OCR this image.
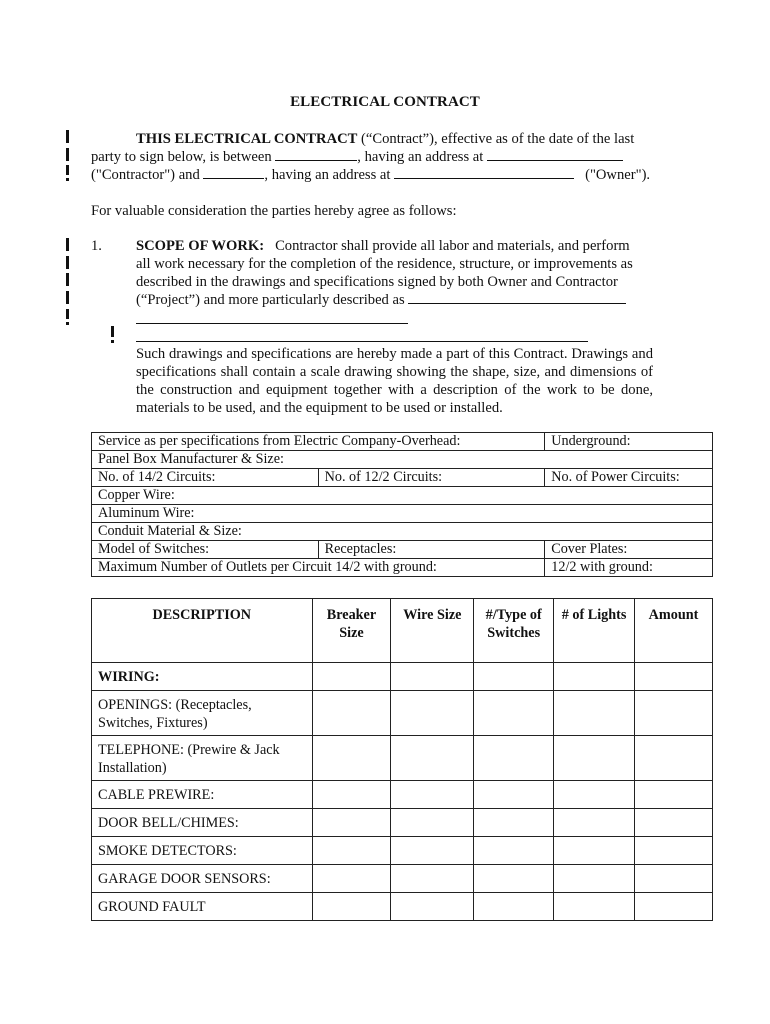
ELECTRICAL CONTRACT
THIS ELECTRICAL CONTRACT (“Contract”), effective as of the date of the last
party to sign below, is between	, having an address at
("Contractor") and	, having an address at	("Owner").
For valuable consideration the parties hereby agree as follows:
1. SCOPE OF WORK: Contractor shall provide all labor and materials, and perform
all work necessary for the completion of the residence, structure, or improvements as
described in the drawings and specifications signed by both Owner and Contractor
(“Project”) and more particularly described as
Such drawings and specifications are hereby made a part of this Contract. Drawings and specifications shall contain a scale drawing showing the shape, size, and dimensions of the construction and equipment together with a description of the work to be done, materials to be used, and the equipment to be used or installed.
Service as per specifications from Electric Company-Overhead:		Underground:
Panel Box Manufacturer & Size:		
No. of 14/2 Circuits:	No. of 12/2 Circuits:	No. of Power Circuits:
Copper Wire:		
Aluminum Wire:		
Conduit Material & Size:		
Model of Switches:	Receptacles:	Cover Plates:
Maximum Number of Outlets per Circuit 14/2 with ground:		12/2 with ground:
DESCRIPTION	Breaker Size	Wire Size	#/Type of Switches	# of Lights	Amount
WIRING:					
OPENINGS: (Receptacles, Switches, Fixtures)					
TELEPHONE: (Prewire & Jack Installation)					
CABLE PREWIRE:					
DOOR BELL/CHIMES:					
SMOKE DETECTORS:					
GARAGE DOOR SENSORS:					
GROUND FAULT					
